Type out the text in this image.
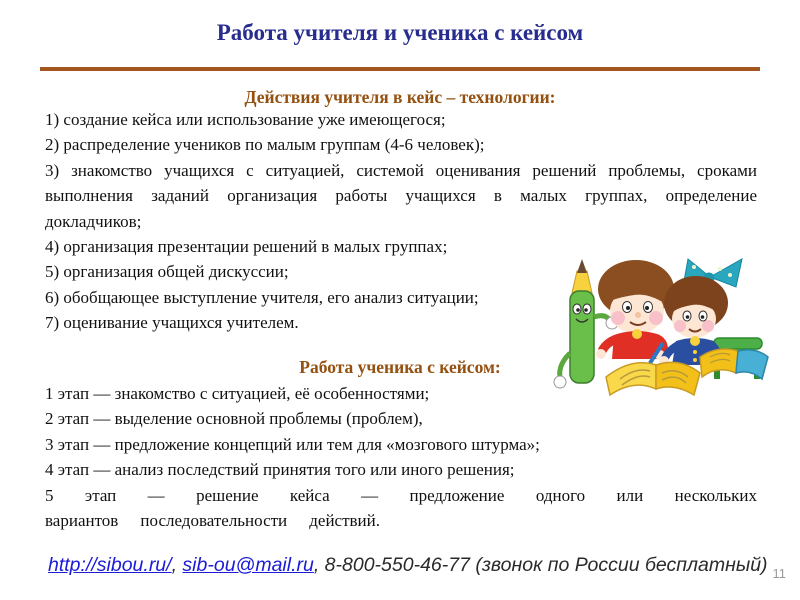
Работа учителя и ученика с кейсом
Действия учителя в кейс – технологии:

1) создание кейса или использование уже имеющегося;

2) распределение учеников по малым группам (4-6 человек);

3) знакомство учащихся с ситуацией, системой оценивания решений проблемы, сроками выполнения заданий организация работы учащихся в малых группах, определение докладчиков;

4) организация презентации решений в малых группах;

5) организация общей дискуссии;

6) обобщающее выступление учителя, его анализ ситуации;

7) оценивание учащихся учителем.

Работа ученика с кейсом:

1 этап — знакомство с ситуацией, её особенностями;

2 этап — выделение основной проблемы (проблем),

3 этап — предложение концепций или тем для «мозгового штурма»;

4 этап — анализ последствий принятия того или иного решения;

5 этап — решение кейса — предложение одного или нескольких вариантов последовательности действий.

http://sibou.ru/, sib-ou@mail.ru, 8-800-550-46-77 (звонок по России бесплатный) 11
